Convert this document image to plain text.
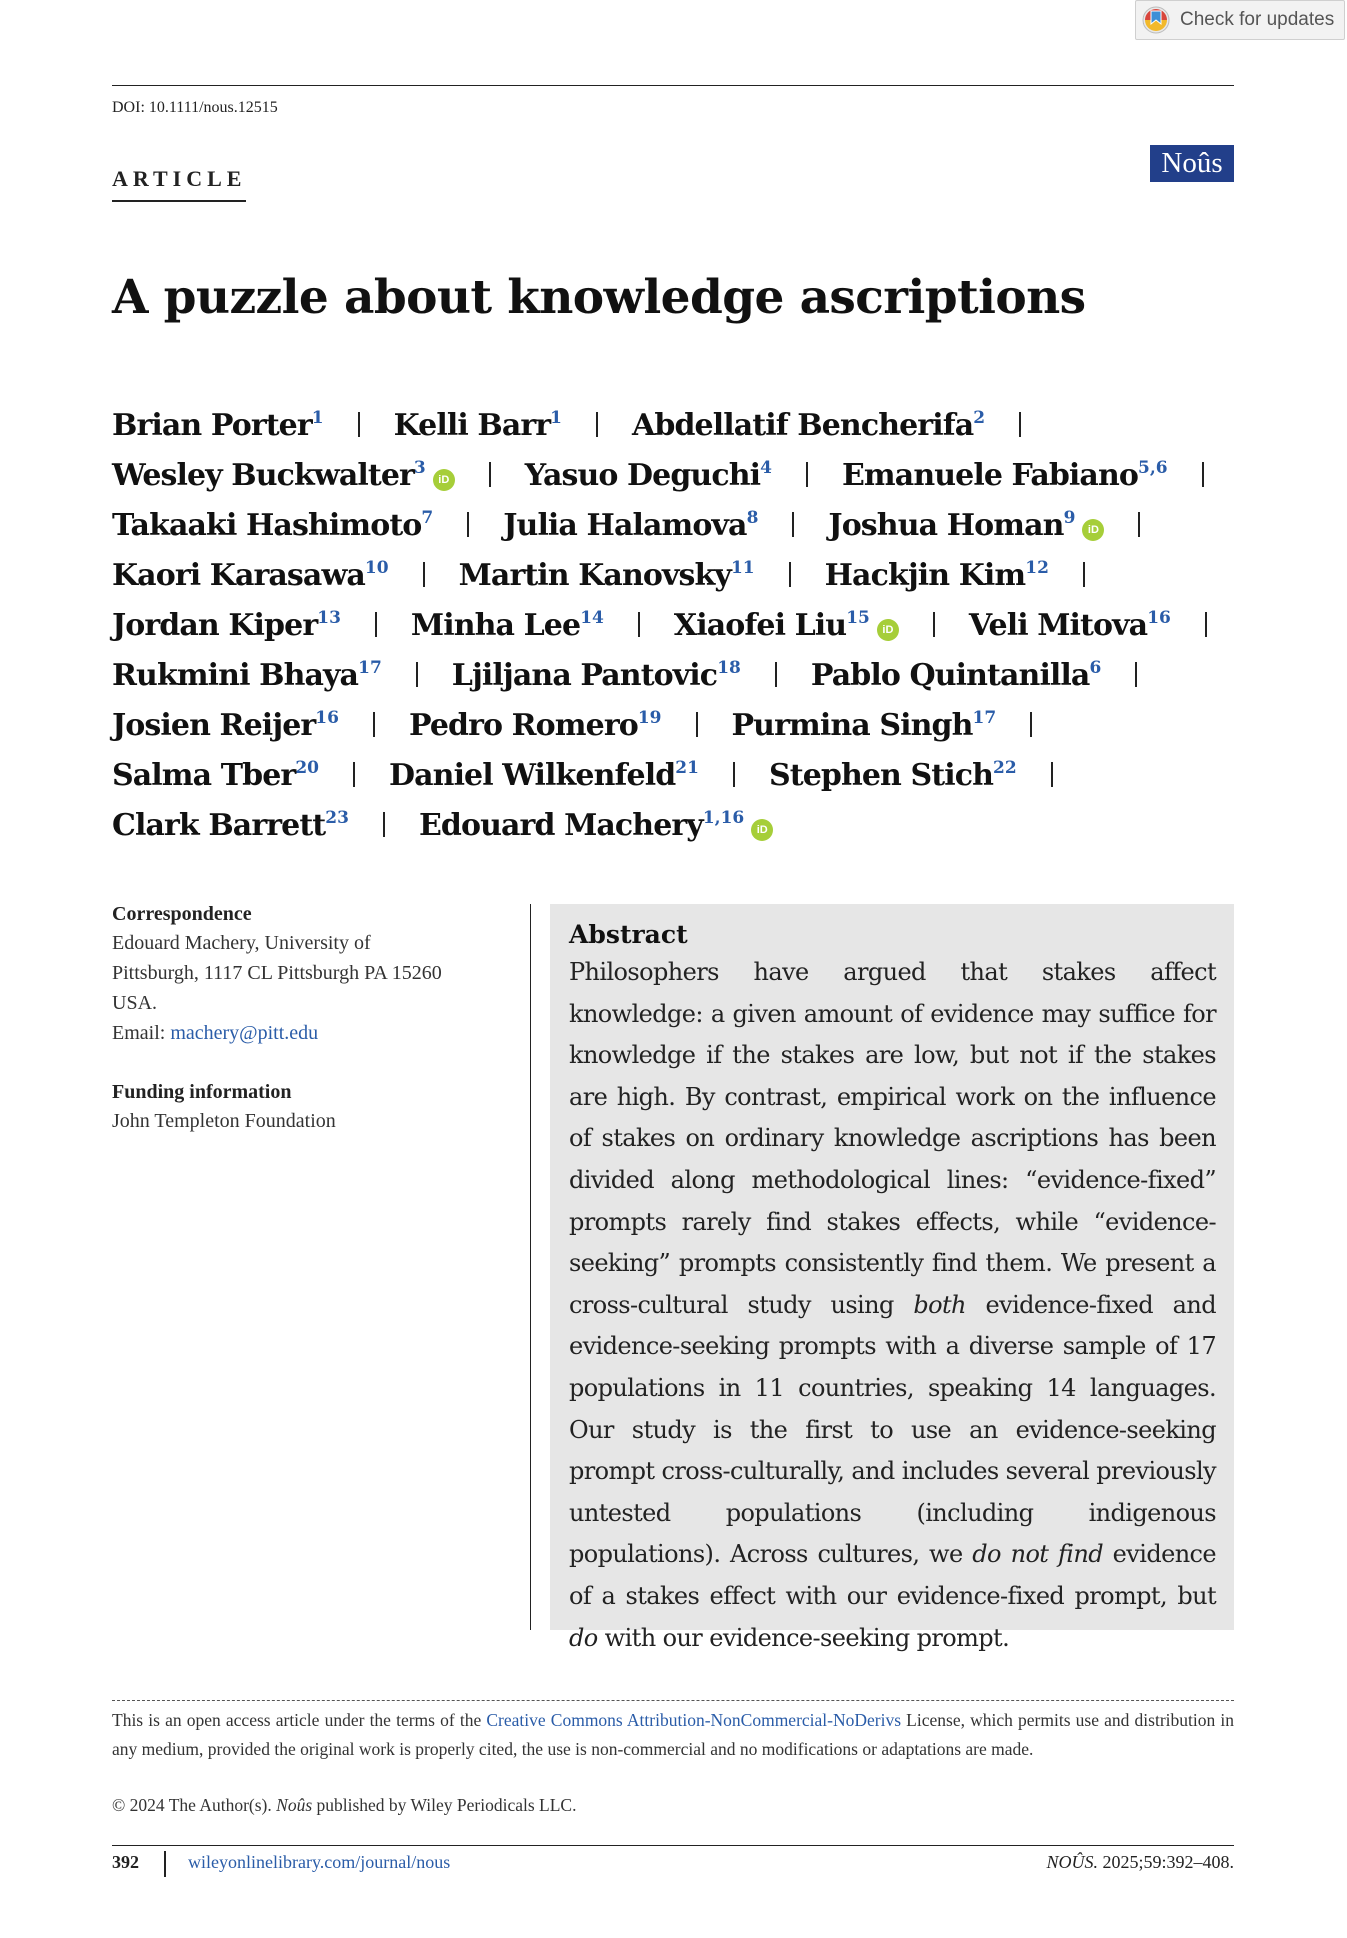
Check for updates
DOI: 10.1111/nous.12515
ARTICLE	Noûs
A puzzle about knowledge ascriptions
Brian Porter$^1$ Kelli Barr$^1$ Abdellatif Bencherifa$^2$
Wesley Buckwalter$^3$iD	Yasuo Deguchi$^4$ Emanuele Fabiano$^{5,6}$
Takaaki Hashimoto$^7$ Julia Halamova$^8$ Joshua Homan$^9$iD
Kaori Karasawa$^{10}$ Martin Kanovsky$^{11}$ Hackjin Kim$^{12}$
Jordan Kiper$^{13}$ Minha Lee$^{14}$ Xiaofei Liu$^{15}$iD	Veli Mitova$^{16}$
Rukmini Bhaya$^{17}$ Ljiljana Pantovic$^{18}$ Pablo Quintanilla$^6$
Josien Reijer$^{16}$ Pedro Romero$^{19}$ Purmina Singh$^{17}$
Salma Tber$^{20}$ Daniel Wilkenfeld$^{21}$ Stephen Stich$^{22}$
Clark Barrett$^{23}$ Edouard Machery$^{1,16}$iD
Correspondence

Edouard Machery, University of

Pittsburgh, 1117 CL Pittsburgh PA 15260

USA.

Email: machery@pitt.edu

Funding information

John Templeton Foundation

Abstract
Philosophers have argued that stakes affect knowledge: a given amount of evidence may suffice for knowledge if the stakes are low, but not if the stakes are high. By contrast, empirical work on the influence of stakes on ordinary knowledge ascriptions has been divided along methodological lines: “evidence-fixed” prompts rarely find stakes effects, while “evidence-seeking” prompts consistently find them. We present a cross-cultural study using both evidence-fixed and evidence-seeking prompts with a diverse sample of 17 populations in 11 countries, speaking 14 languages. Our study is the first to use an evidence-seeking prompt cross-culturally, and includes several previously untested populations (including indigenous populations). Across cultures, we do not find evidence of a stakes effect with our evidence-fixed prompt, but do with our evidence-seeking prompt.
This is an open access article under the terms of the Creative Commons Attribution-NonCommercial-NoDerivs License, which permits use and distribution in any medium, provided the original work is properly cited, the use is non-commercial and no modifications or adaptations are made.
© 2024 The Author(s). Noûs published by Wiley Periodicals LLC.
392	wileyonlinelibrary.com/journal/nous	NOÛS. 2025;59:392–408.
